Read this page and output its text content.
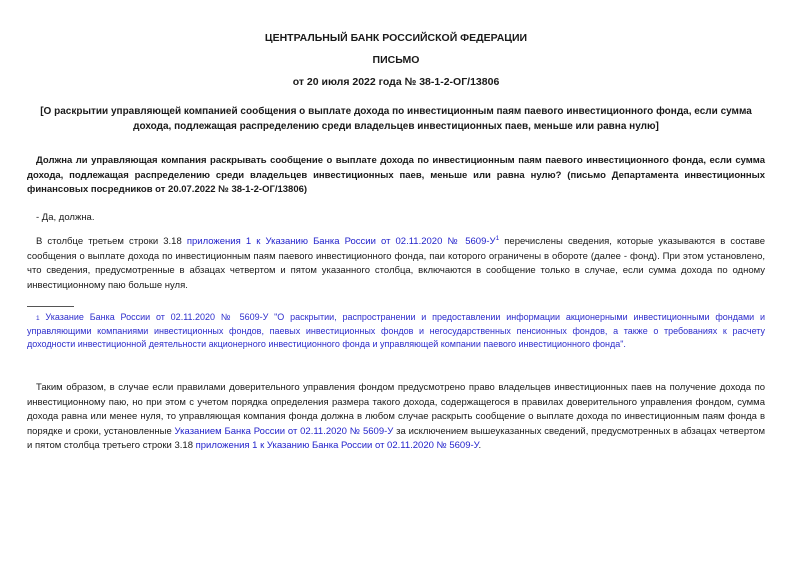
ЦЕНТРАЛЬНЫЙ БАНК РОССИЙСКОЙ ФЕДЕРАЦИИ
ПИСЬМО
от 20 июля 2022 года № 38-1-2-ОГ/13806
[О раскрытии управляющей компанией сообщения о выплате дохода по инвестиционным паям паевого инвестиционного фонда, если сумма дохода, подлежащая распределению среди владельцев инвестиционных паев, меньше или равна нулю]

Должна ли управляющая компания раскрывать сообщение о выплате дохода по инвестиционным паям паевого инвестиционного фонда, если сумма дохода, подлежащая распределению среди владельцев инвестиционных паев, меньше или равна нулю? (письмо Департамента инвестиционных финансовых посредников от 20.07.2022 № 38-1-2-ОГ/13806)

- Да, должна.

В столбце третьем строки 3.18 приложения 1 к Указанию Банка России от 02.11.2020 № 5609-У$^1$ перечислены сведения, которые указываются в составе сообщения о выплате дохода по инвестиционным паям паевого инвестиционного фонда, паи которого ограничены в обороте (далее - фонд). При этом установлено, что сведения, предусмотренные в абзацах четвертом и пятом указанного столбца, включаются в сообщение только в случае, если сумма дохода по одному инвестиционному паю больше нуля.

1 Указание Банка России от 02.11.2020 № 5609-У "О раскрытии, распространении и предоставлении информации акционерными инвестиционными фондами и управляющими компаниями инвестиционных фондов, паевых инвестиционных фондов и негосударственных пенсионных фондов, а также о требованиях к расчету доходности инвестиционной деятельности акционерного инвестиционного фонда и управляющей компании паевого инвестиционного фонда".

Таким образом, в случае если правилами доверительного управления фондом предусмотрено право владельцев инвестиционных паев на получение дохода по инвестиционному паю, но при этом с учетом порядка определения размера такого дохода, содержащегося в правилах доверительного управления фондом, сумма дохода равна или менее нуля, то управляющая компания фонда должна в любом случае раскрыть сообщение о выплате дохода по инвестиционным паям фонда в порядке и сроки, установленные Указанием Банка России от 02.11.2020 № 5609-У за исключением вышеуказанных сведений, предусмотренных в абзацах четвертом и пятом столбца третьего строки 3.18 приложения 1 к Указанию Банка России от 02.11.2020 № 5609-У.
